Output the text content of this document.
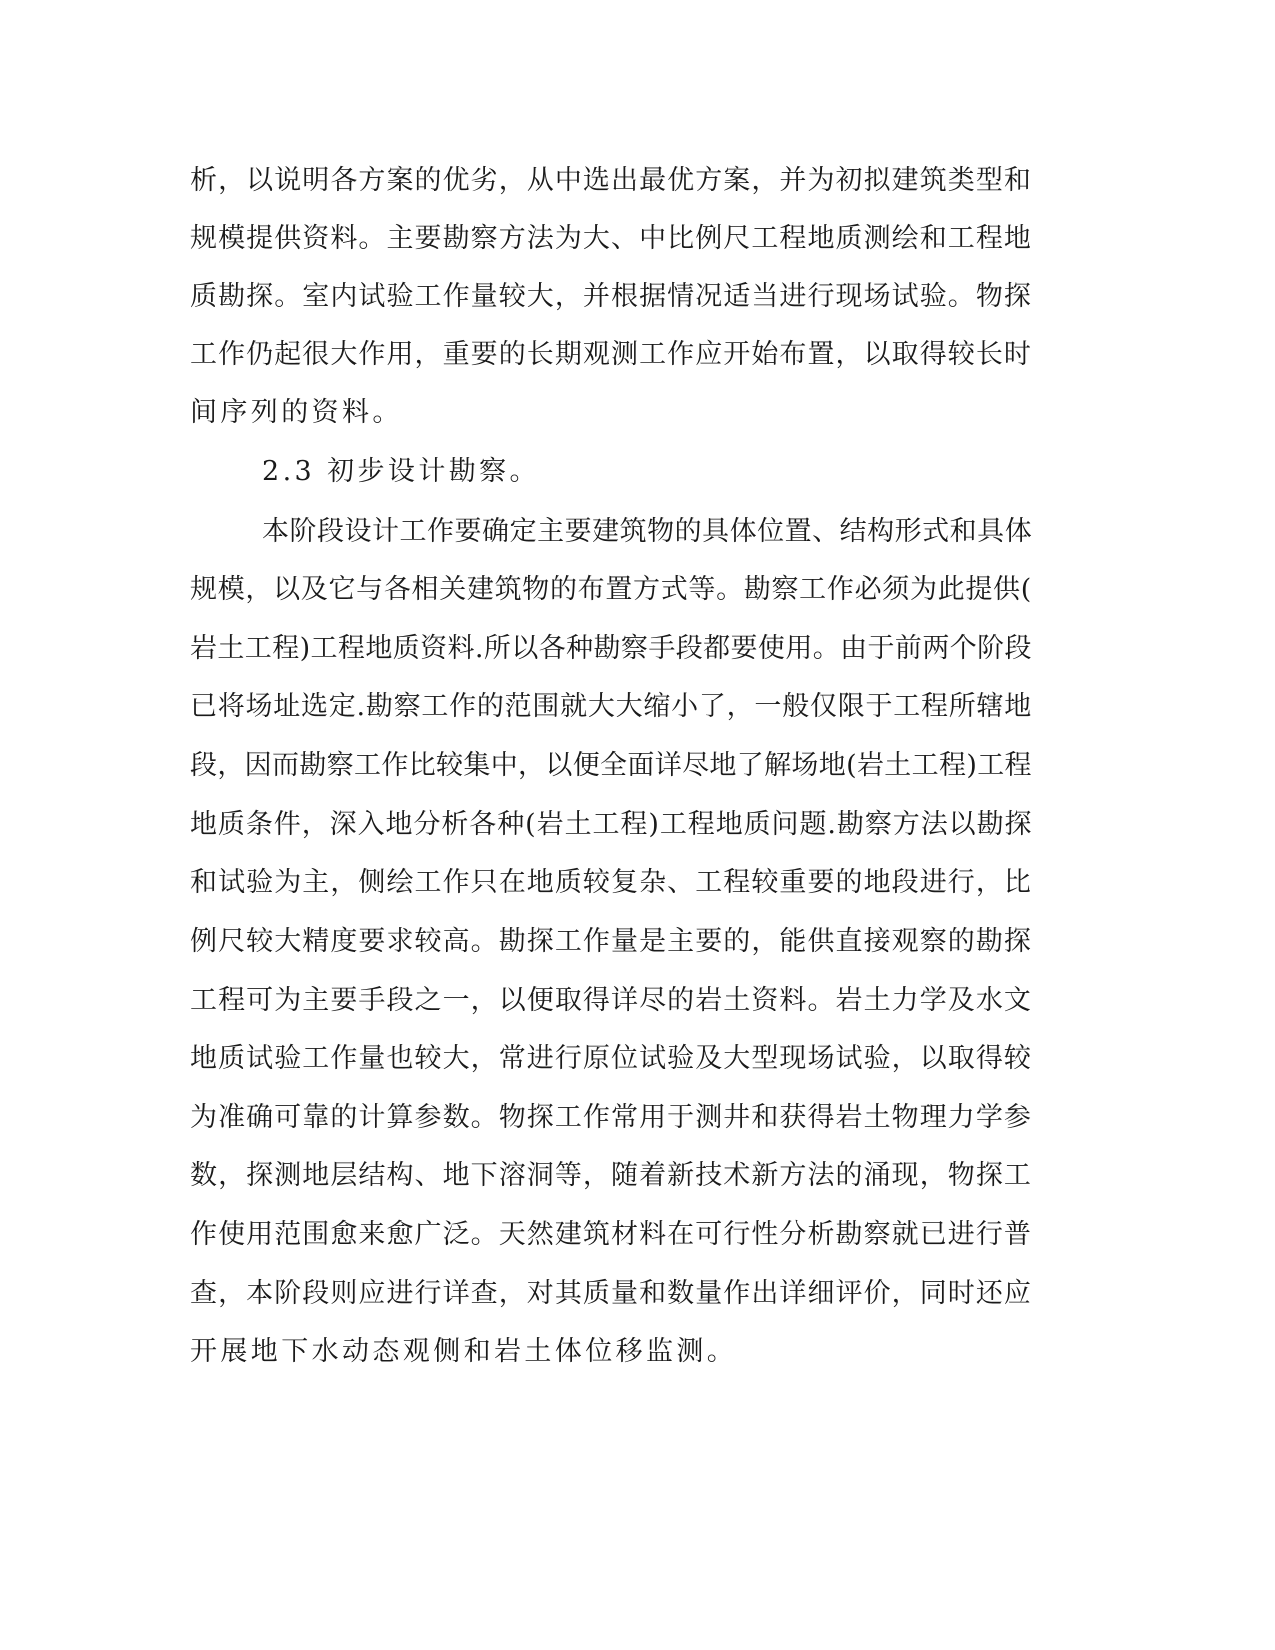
析，以说明各方案的优劣，从中选出最优方案，并为初拟建筑类型和

规模提供资料。主要勘察方法为大、中比例尺工程地质测绘和工程地

质勘探。室内试验工作量较大，并根据情况适当进行现场试验。物探

工作仍起很大作用，重要的长期观测工作应开始布置，以取得较长时

间序列的资料。

2.3 初步设计勘察。

本阶段设计工作要确定主要建筑物的具体位置、结构形式和具体

规模，以及它与各相关建筑物的布置方式等。勘察工作必须为此提供(

岩土工程)工程地质资料.所以各种勘察手段都要使用。由于前两个阶段

已将场址选定.勘察工作的范围就大大缩小了，一般仅限于工程所辖地

段，因而勘察工作比较集中，以便全面详尽地了解场地(岩土工程)工程

地质条件，深入地分析各种(岩土工程)工程地质问题.勘察方法以勘探

和试验为主，侧绘工作只在地质较复杂、工程较重要的地段进行，比

例尺较大精度要求较高。勘探工作量是主要的，能供直接观察的勘探

工程可为主要手段之一，以便取得详尽的岩土资料。岩土力学及水文

地质试验工作量也较大，常进行原位试验及大型现场试验，以取得较

为准确可靠的计算参数。物探工作常用于测井和获得岩土物理力学参

数，探测地层结构、地下溶洞等，随着新技术新方法的涌现，物探工

作使用范围愈来愈广泛。天然建筑材料在可行性分析勘察就已进行普

查，本阶段则应进行详查，对其质量和数量作出详细评价，同时还应

开展地下水动态观侧和岩土体位移监测。
